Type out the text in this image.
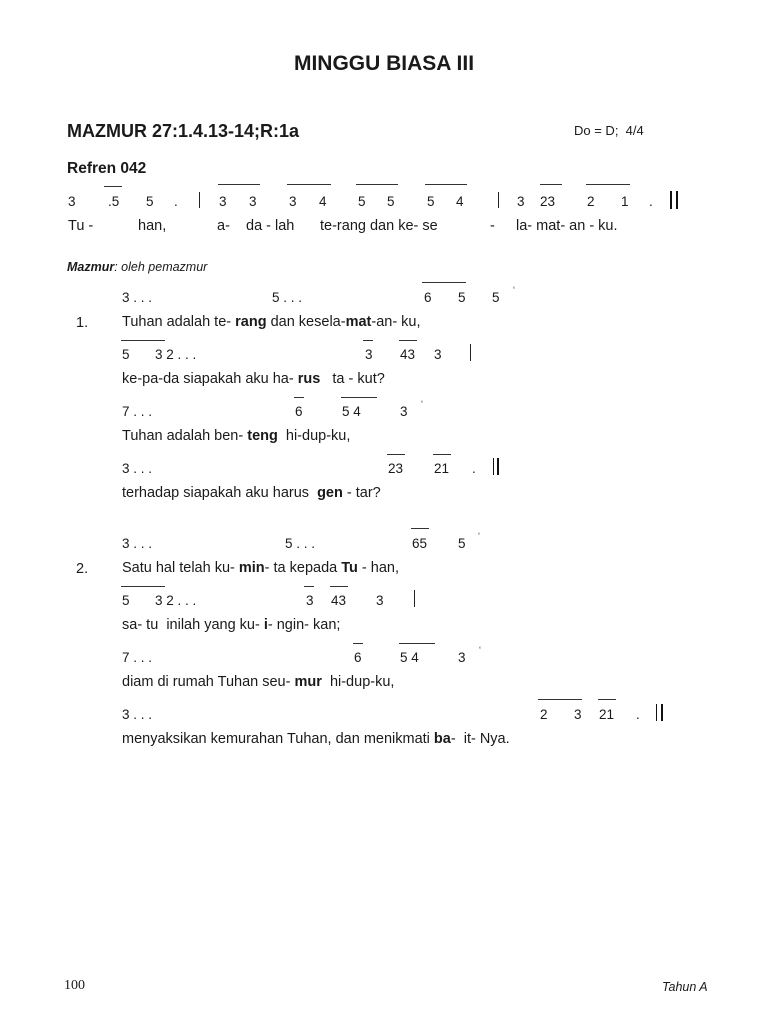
MINGGU BIASA III
MAZMUR 27:1.4.13-14;R:1a	Do = D;  4/4
Refren 042
3 .5 5 .	3 3 3 4 5 5 5 4	3 23 2 1 .
Tu -	han,	a- da - lah te-rang dan ke- se	- la- mat- an - ku.
Mazmur: oleh pemazmur
1.
3 . . .	5 . . .	6 5 5 ʻ
Tuhan adalah te- rang dan kesela-mat-an- ku,
5 3 2 . . .	3 43 3
ke-pa-da siapakah aku ha- rus   ta - kut?
7 . . .	6	5 4	3 ʻ
Tuhan adalah ben- teng  hi-dup-ku,
3 . . .	23 21 .
terhadap siapakah aku harus  gen - tar?
2.
3 . . .	5 . . .	65 5 ʻ
Satu hal telah ku- min- ta kepada Tu - han,
5 3 2 . . .	3 43 3
sa- tu  inilah yang ku- i- ngin- kan;
7 . . .	6	5 4	3 ʻ
diam di rumah Tuhan seu- mur  hi-dup-ku,
3 . . .	2 3 21 .
menyaksikan kemurahan Tuhan, dan menikmati ba-  it- Nya.
100	Tahun A
